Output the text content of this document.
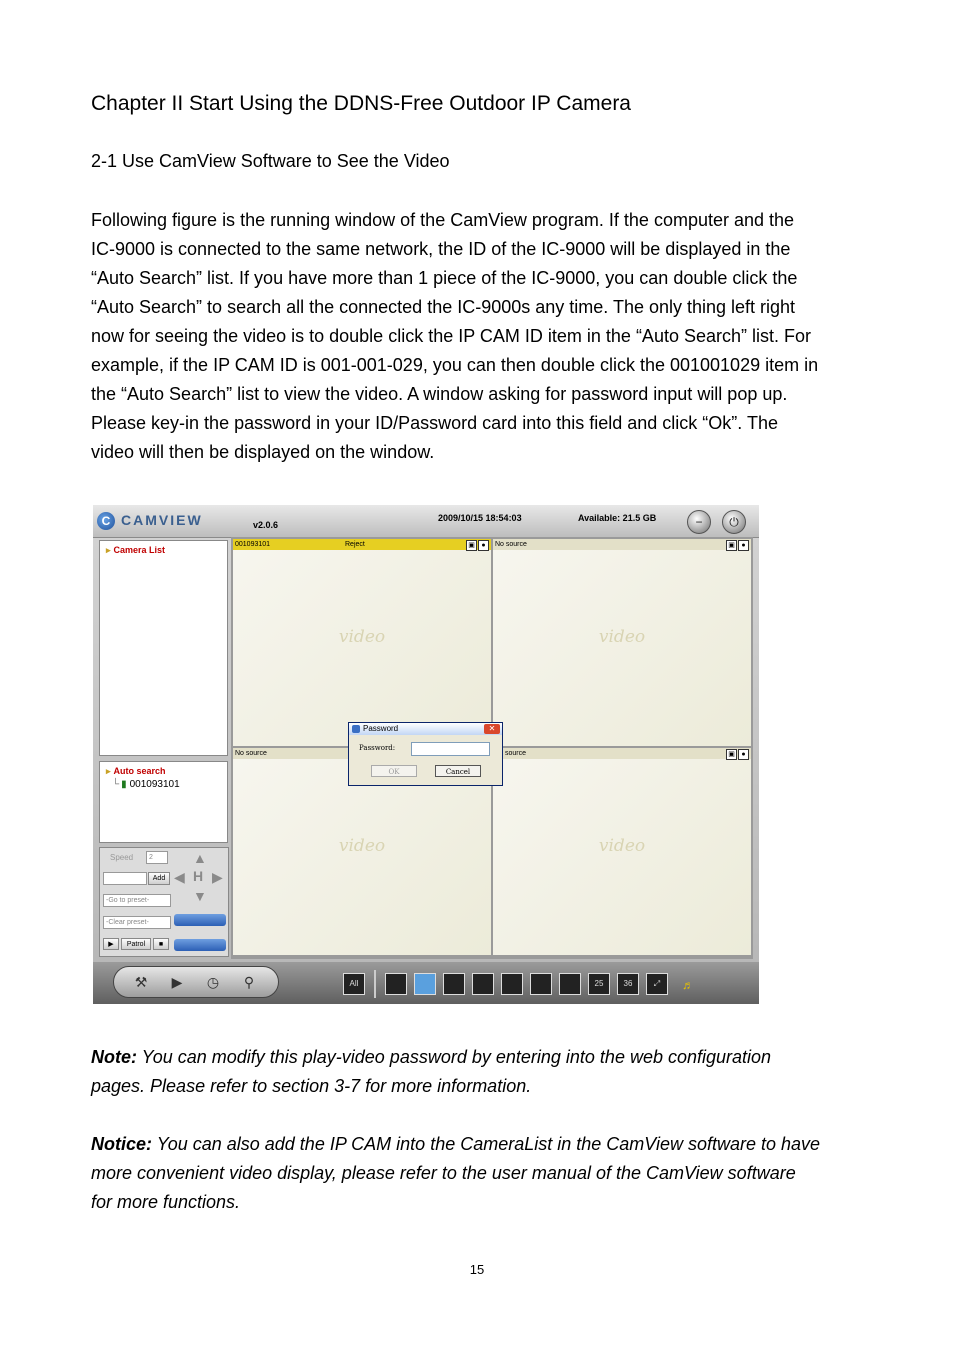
Chapter II Start Using the DDNS-Free Outdoor IP Camera
2-1 Use CamView Software to See the Video
Following figure is the running window of the CamView program. If the computer and the
IC-9000 is connected to the same network, the ID of the IC-9000 will be displayed in the
“Auto Search” list. If you have more than 1 piece of the IC-9000, you can double click the
“Auto Search” to search all the connected the IC-9000s any time. The only thing left right
now for seeing the video is to double click the IP CAM ID item in the “Auto Search” list. For
example, if the IP CAM ID is 001-001-029, you can then double click the 001001029 item in
the “Auto Search” list to view the video. A window asking for password input will pop up.
Please key-in the password in your ID/Password card into this field and click “Ok”. The
video will then be displayed on the window.
C CAMVIEW	v2.0.6
2009/10/15 18:54:03	Available: 21.5 GB	−	⏻
▸ Camera List
▸ Auto search
└ ▮ 001093101
Speed	2
Add
-Go to preset-
-Clear preset-
▶	Patrol	■
▲
▼
◀ ▶
H
001093101	Reject	▣ ●
video
No source	▣ ●
video
No source
video
source	▣ ●
video
Password	✕
Password:
OK	Cancel
⚒	▶	◷	⚲	All	25	36	⤢	♬
Note: You can modify this play-video password by entering into the web configuration
pages. Please refer to section 3-7 for more information.
Notice: You can also add the IP CAM into the CameraList in the CamView software to have
more convenient video display, please refer to the user manual of the CamView software
for more functions.
15
